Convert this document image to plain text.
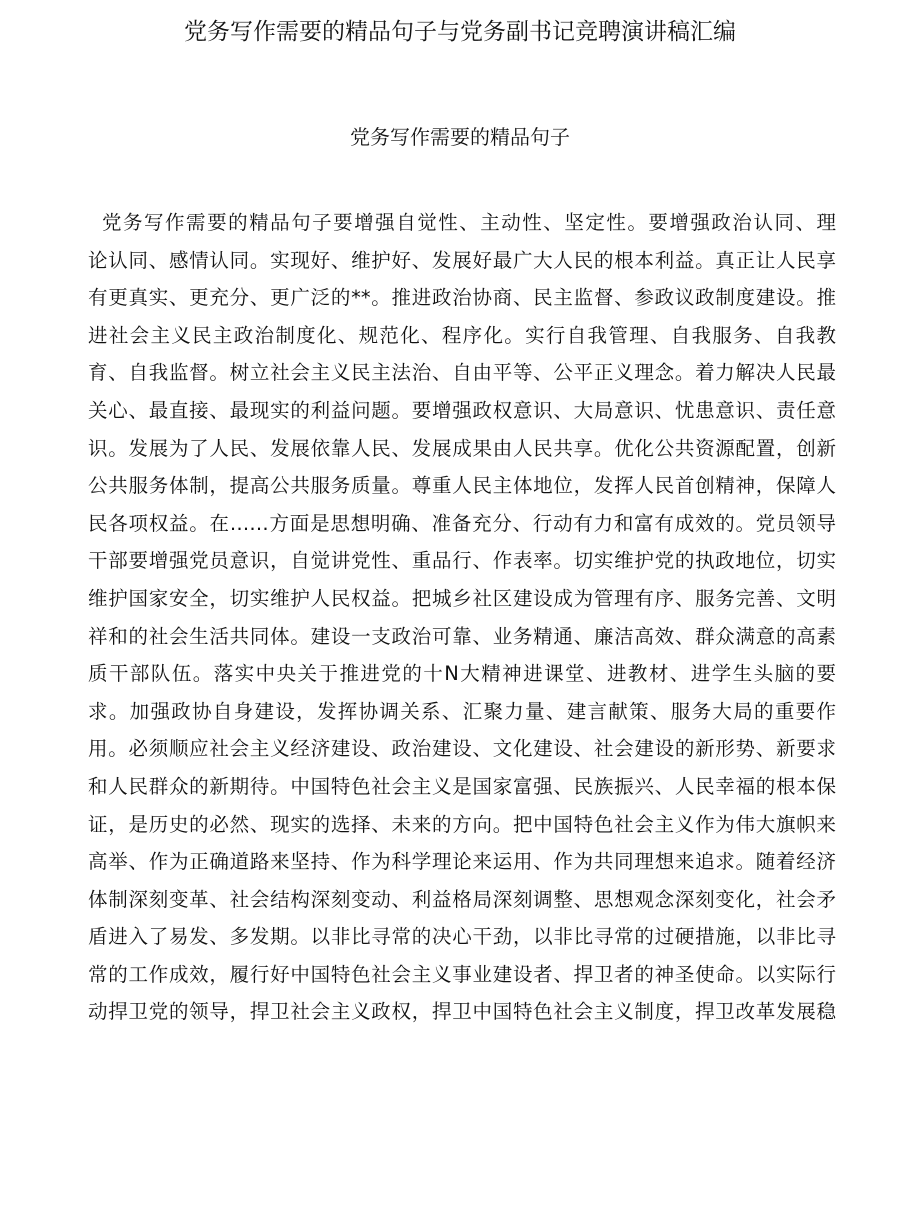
党务写作需要的精品句子与党务副书记竞聘演讲稿汇编
党务写作需要的精品句子
党务写作需要的精品句子要增强自觉性、主动性、坚定性。要增强政治认同、理
论认同、感情认同。实现好、维护好、发展好最广大人民的根本利益。真正让人民享
有更真实、更充分、更广泛的**。推进政治协商、民主监督、参政议政制度建设。推
进社会主义民主政治制度化、规范化、程序化。实行自我管理、自我服务、自我教
育、自我监督。树立社会主义民主法治、自由平等、公平正义理念。着力解决人民最
关心、最直接、最现实的利益问题。要增强政权意识、大局意识、忧患意识、责任意
识。发展为了人民、发展依靠人民、发展成果由人民共享。优化公共资源配置，创新
公共服务体制，提高公共服务质量。尊重人民主体地位，发挥人民首创精神，保障人
民各项权益。在……方面是思想明确、准备充分、行动有力和富有成效的。党员领导
干部要增强党员意识，自觉讲党性、重品行、作表率。切实维护党的执政地位，切实
维护国家安全，切实维护人民权益。把城乡社区建设成为管理有序、服务完善、文明
祥和的社会生活共同体。建设一支政治可靠、业务精通、廉洁高效、群众满意的高素
质干部队伍。落实中央关于推进党的十N大精神进课堂、进教材、进学生头脑的要
求。加强政协自身建设，发挥协调关系、汇聚力量、建言献策、服务大局的重要作
用。必须顺应社会主义经济建设、政治建设、文化建设、社会建设的新形势、新要求
和人民群众的新期待。中国特色社会主义是国家富强、民族振兴、人民幸福的根本保
证，是历史的必然、现实的选择、未来的方向。把中国特色社会主义作为伟大旗帜来
高举、作为正确道路来坚持、作为科学理论来运用、作为共同理想来追求。随着经济
体制深刻变革、社会结构深刻变动、利益格局深刻调整、思想观念深刻变化，社会矛
盾进入了易发、多发期。以非比寻常的决心干劲，以非比寻常的过硬措施，以非比寻
常的工作成效，履行好中国特色社会主义事业建设者、捍卫者的神圣使命。以实际行
动捍卫党的领导，捍卫社会主义政权，捍卫中国特色社会主义制度，捍卫改革发展稳
